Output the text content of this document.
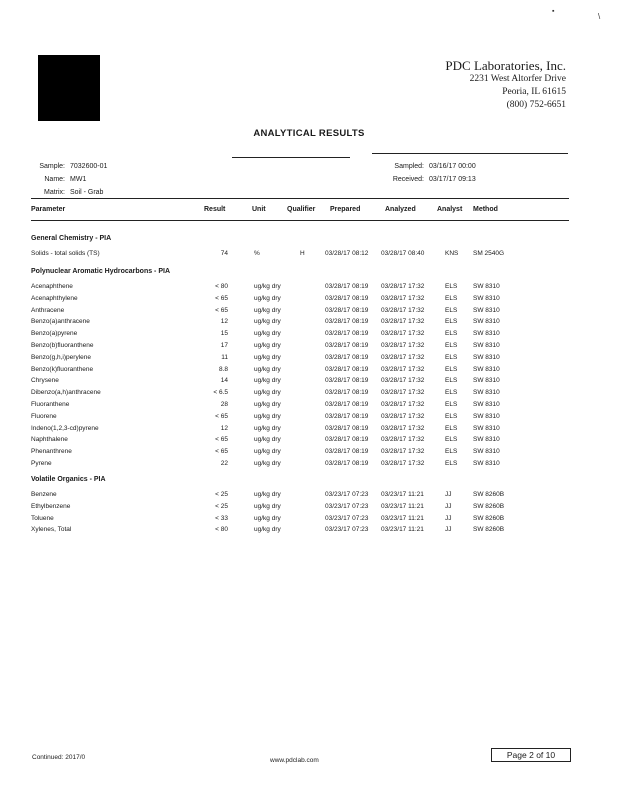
▪
\
PDC Laboratories, Inc.
2231 West Altorfer Drive
Peoria, IL 61615
(800) 752-6651
ANALYTICAL RESULTS
Sample: 7032600-01
Name: MW1
Matrix: Soil - Grab
Sampled: 03/16/17 00:00
Received: 03/17/17 09:13
Parameter	Result	Unit	Qualifier Prepared	Analyzed	Analyst Method
General Chemistry - PIA
Solids - total solids (TS)	74	%	H	03/28/17 08:12 03/28/17 08:40	KNS SM 2540G
Polynuclear Aromatic Hydrocarbons - PIA
Acenaphthene	< 80	ug/kg dry	03/28/17 08:19 03/28/17 17:32	ELS SW 8310
Acenaphthylene	< 65	ug/kg dry	03/28/17 08:19 03/28/17 17:32	ELS SW 8310
Anthracene	< 65	ug/kg dry	03/28/17 08:19 03/28/17 17:32	ELS SW 8310
Benzo(a)anthracene	12	ug/kg dry	03/28/17 08:19 03/28/17 17:32	ELS SW 8310
Benzo(a)pyrene	15	ug/kg dry	03/28/17 08:19 03/28/17 17:32	ELS SW 8310
Benzo(b)fluoranthene	17	ug/kg dry	03/28/17 08:19 03/28/17 17:32	ELS SW 8310
Benzo(g,h,i)perylene	11	ug/kg dry	03/28/17 08:19 03/28/17 17:32	ELS SW 8310
Benzo(k)fluoranthene	8.8	ug/kg dry	03/28/17 08:19 03/28/17 17:32	ELS SW 8310
Chrysene	14	ug/kg dry	03/28/17 08:19 03/28/17 17:32	ELS SW 8310
Dibenzo(a,h)anthracene	< 6.5	ug/kg dry	03/28/17 08:19 03/28/17 17:32	ELS SW 8310
Fluoranthene	28	ug/kg dry	03/28/17 08:19 03/28/17 17:32	ELS SW 8310
Fluorene	< 65	ug/kg dry	03/28/17 08:19 03/28/17 17:32	ELS SW 8310
Indeno(1,2,3-cd)pyrene	12	ug/kg dry	03/28/17 08:19 03/28/17 17:32	ELS SW 8310
Naphthalene	< 65	ug/kg dry	03/28/17 08:19 03/28/17 17:32	ELS SW 8310
Phenanthrene	< 65	ug/kg dry	03/28/17 08:19 03/28/17 17:32	ELS SW 8310
Pyrene	22	ug/kg dry	03/28/17 08:19 03/28/17 17:32	ELS SW 8310
Volatile Organics - PIA
Benzene	< 25	ug/kg dry	03/23/17 07:23 03/23/17 11:21	JJ	SW 8260B
Ethylbenzene	< 25	ug/kg dry	03/23/17 07:23 03/23/17 11:21	JJ	SW 8260B
Toluene	< 33	ug/kg dry	03/23/17 07:23 03/23/17 11:21	JJ	SW 8260B
Xylenes, Total	< 80	ug/kg dry	03/23/17 07:23 03/23/17 11:21	JJ	SW 8260B
Continued: 2017/0	www.pdclab.com
Page 2 of 10
